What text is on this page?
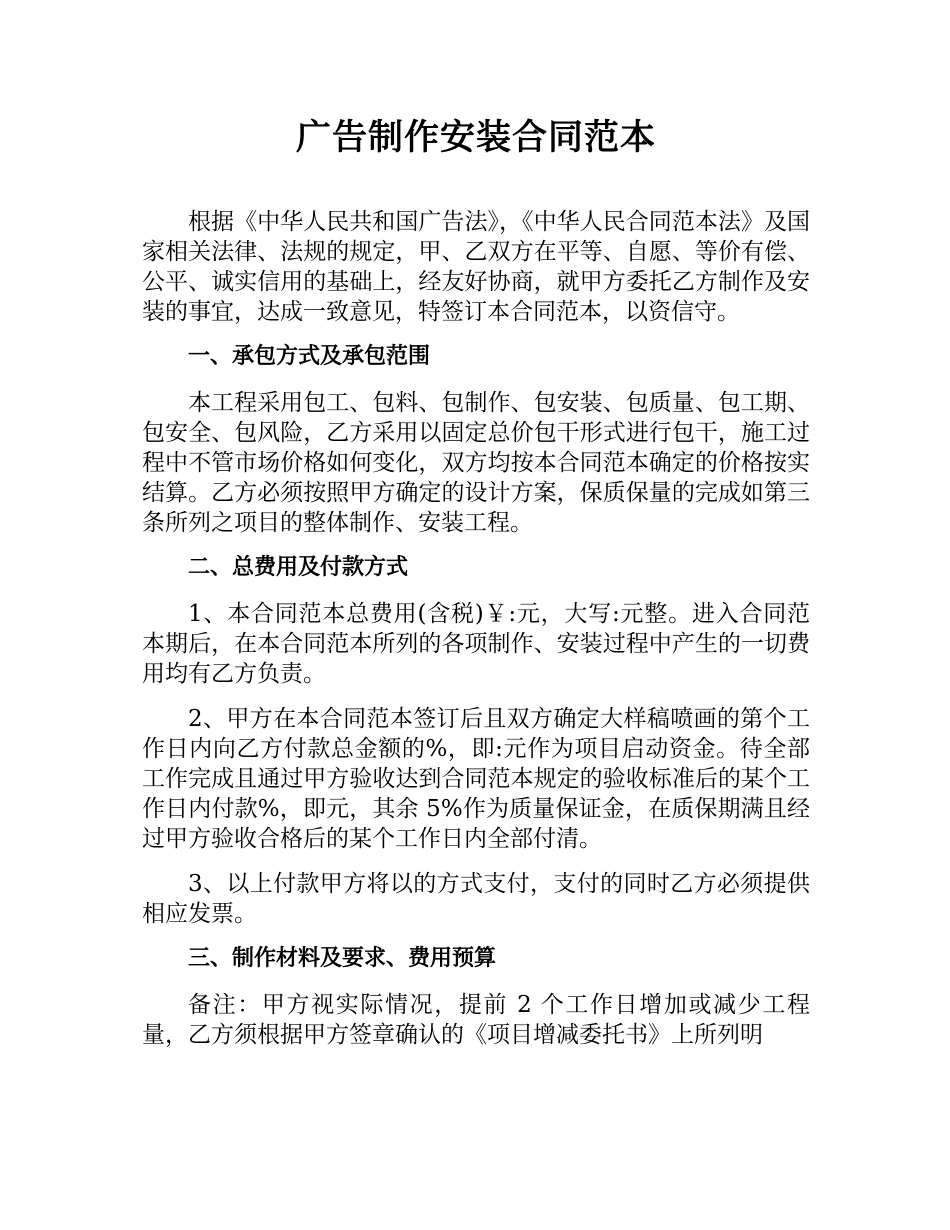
广告制作安装合同范本

根据《中华人民共和国广告法》，《中华人民合同范本法》及国家相关法律、法规的规定，甲、乙双方在平等、自愿、等价有偿、公平、诚实信用的基础上，经友好协商，就甲方委托乙方制作及安装的事宜，达成一致意见，特签订本合同范本，以资信守。

一、承包方式及承包范围

本工程采用包工、包料、包制作、包安装、包质量、包工期、包安全、包风险，乙方采用以固定总价包干形式进行包干，施工过程中不管市场价格如何变化，双方均按本合同范本确定的价格按实结算。乙方必须按照甲方确定的设计方案，保质保量的完成如第三条所列之项目的整体制作、安装工程。

二、总费用及付款方式

1、本合同范本总费用(含税)￥:元，大写:元整。进入合同范本期后，在本合同范本所列的各项制作、安装过程中产生的一切费用均有乙方负责。

2、甲方在本合同范本签订后且双方确定大样稿喷画的第个工作日内向乙方付款总金额的%，即:元作为项目启动资金。待全部工作完成且通过甲方验收达到合同范本规定的验收标准后的某个工作日内付款%，即元，其余 5%作为质量保证金，在质保期满且经过甲方验收合格后的某个工作日内全部付清。

3、以上付款甲方将以的方式支付，支付的同时乙方必须提供相应发票。

三、制作材料及要求、费用预算

备注：甲方视实际情况，提前 2 个工作日增加或减少工程量，乙方须根据甲方签章确认的《项目增减委托书》上所列明
